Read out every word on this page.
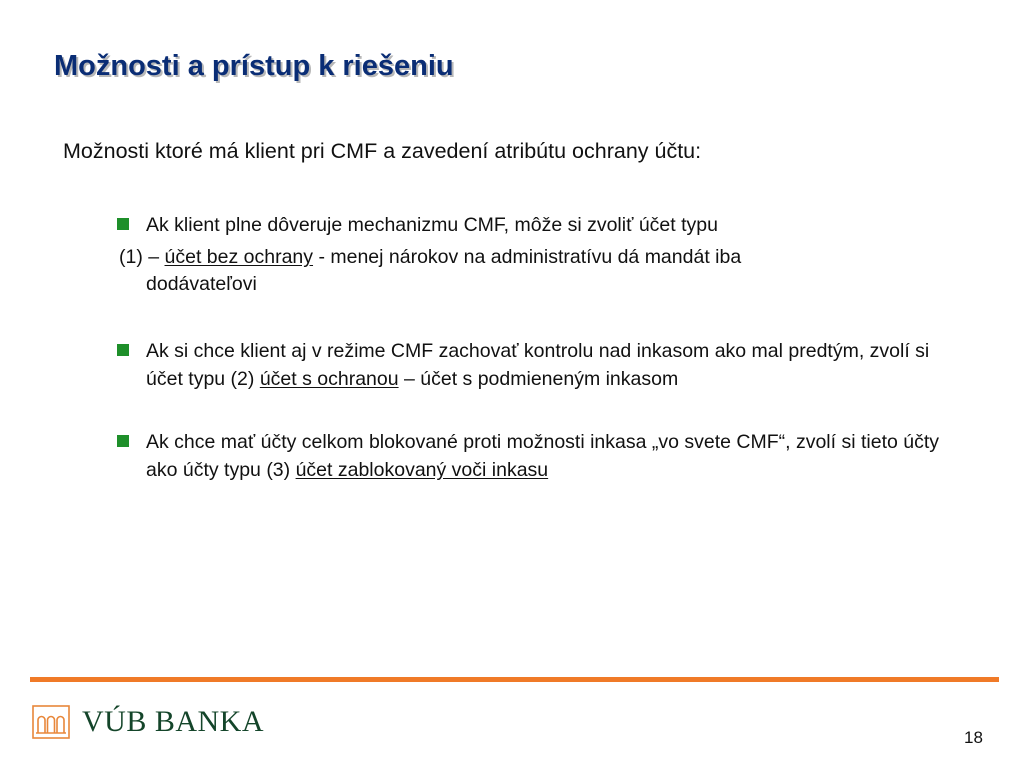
Možnosti a prístup k riešeniu

Možnosti ktoré má klient pri CMF a zavedení atribútu ochrany účtu:

Ak klient plne dôveruje mechanizmu CMF, môže si zvoliť účet typu
(1) – účet bez ochrany - menej nárokov na administratívu dá mandát iba
dodávateľovi
Ak si chce klient aj v režime CMF zachovať kontrolu nad inkasom ako mal predtým, zvolí si účet typu (2) účet s ochranou – účet s podmieneným inkasom
Ak chce mať účty celkom blokované proti možnosti inkasa „vo svete CMF“, zvolí si tieto účty ako účty typu (3) účet zablokovaný voči inkasu
VÚB BANKA	18
